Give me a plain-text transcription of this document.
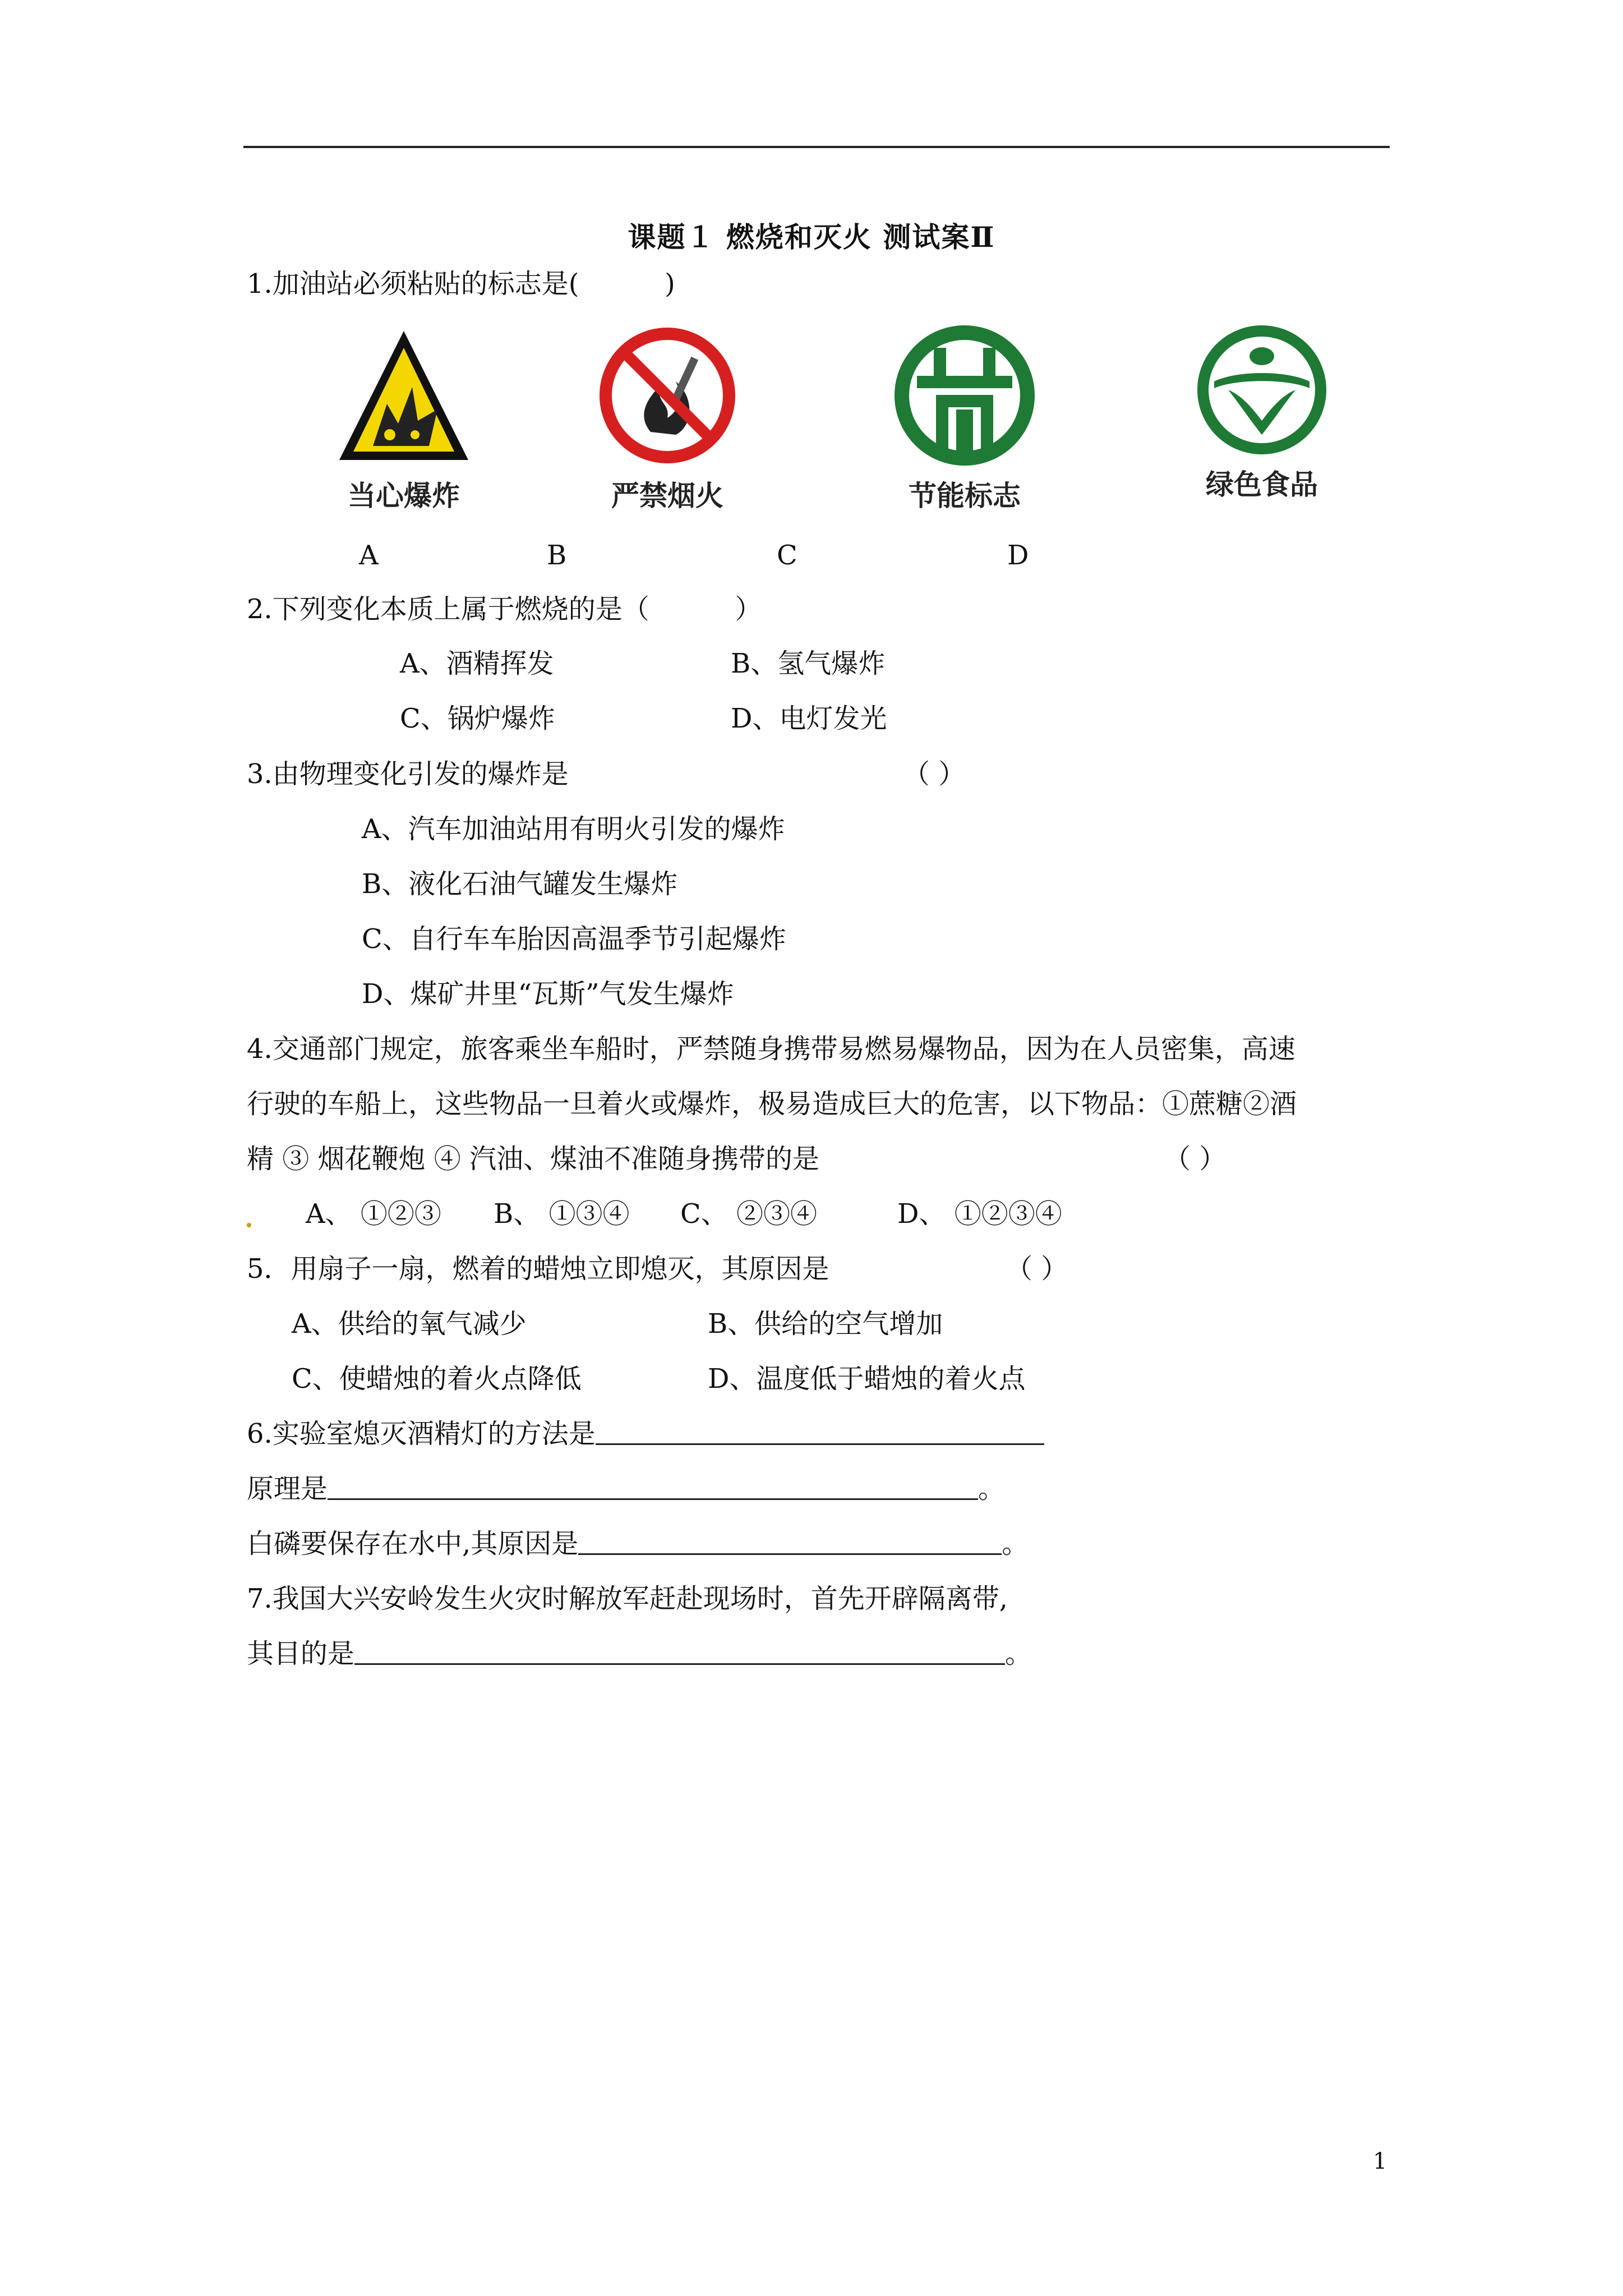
课题１ 燃烧和灭火 测试案Ⅱ
1.加油站必须粘贴的标志是(          )
当心爆炸	严禁烟火	节能标志	绿色食品
A	B	C	D
2.下列变化本质上属于燃烧的是（          ）
A、酒精挥发	B、氢气爆炸
C、锅炉爆炸	D、电灯发光
3.由物理变化引发的爆炸是	（ ）
A、汽车加油站用有明火引发的爆炸
B、液化石油气罐发生爆炸
C、自行车车胎因高温季节引起爆炸
D、煤矿井里“瓦斯”气发生爆炸
4.交通部门规定，旅客乘坐车船时，严禁随身携带易燃易爆物品，因为在人员密集，高速
行驶的车船上，这些物品一旦着火或爆炸，极易造成巨大的危害，以下物品：①蔗糖②酒
精 ③ 烟花鞭炮 ④ 汽油、煤油不准随身携带的是	（ ）
A、 ①②③ B、 ①③④ C、 ②③④	D、 ①②③④
5．用扇子一扇，燃着的蜡烛立即熄灭，其原因是	（ ）
A、供给的氧气减少	B、供给的空气增加
C、使蜡烛的着火点降低	D、温度低于蜡烛的着火点
6.实验室熄灭酒精灯的方法是
原理是	。
白磷要保存在水中,其原因是	。
7.我国大兴安岭发生火灾时解放军赶赴现场时，首先开辟隔离带,
其目的是	。
1
